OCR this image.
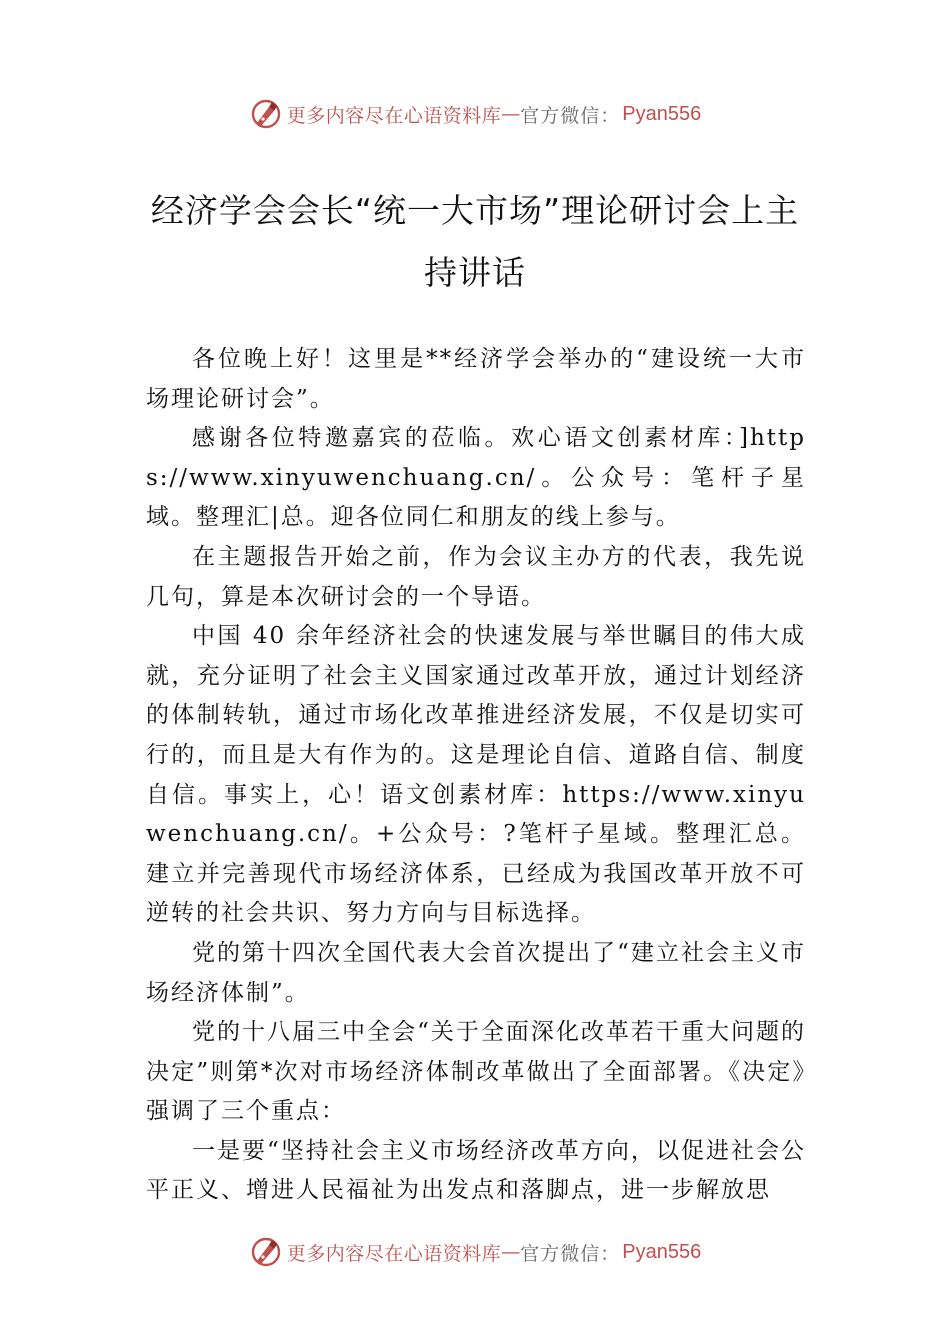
更多内容尽在心语资料库 — 官方微信： Pyan556
经济学会会长“统一大市场”理论研讨会上主持讲话

各位晚上好！这里是**经济学会举办的“建设统一大市场理论研讨会”。

感谢各位特邀嘉宾的莅临。欢心语文创素材库：]https://www.xinyuwenchuang.cn/。公众号：笔杆子星域。整理汇|总。迎各位同仁和朋友的线上参与。

在主题报告开始之前，作为会议主办方的代表，我先说几句，算是本次研讨会的一个导语。

中国 40 余年经济社会的快速发展与举世瞩目的伟大成就，充分证明了社会主义国家通过改革开放，通过计划经济的体制转轨，通过市场化改革推进经济发展，不仅是切实可行的，而且是大有作为的。这是理论自信、道路自信、制度自信。事实上，心！语文创素材库：https://www.xinyuwenchuang.cn/。+公众号：?笔杆子星域。整理汇总。建立并完善现代市场经济体系，已经成为我国改革开放不可逆转的社会共识、努力方向与目标选择。

党的第十四次全国代表大会首次提出了“建立社会主义市场经济体制”。

党的十八届三中全会“关于全面深化改革若干重大问题的决定”则第*次对市场经济体制改革做出了全面部署。《决定》强调了三个重点：

一是要“坚持社会主义市场经济改革方向，以促进社会公平正义、增进人民福祉为出发点和落脚点，进一步解放思

更多内容尽在心语资料库 — 官方微信： Pyan556
